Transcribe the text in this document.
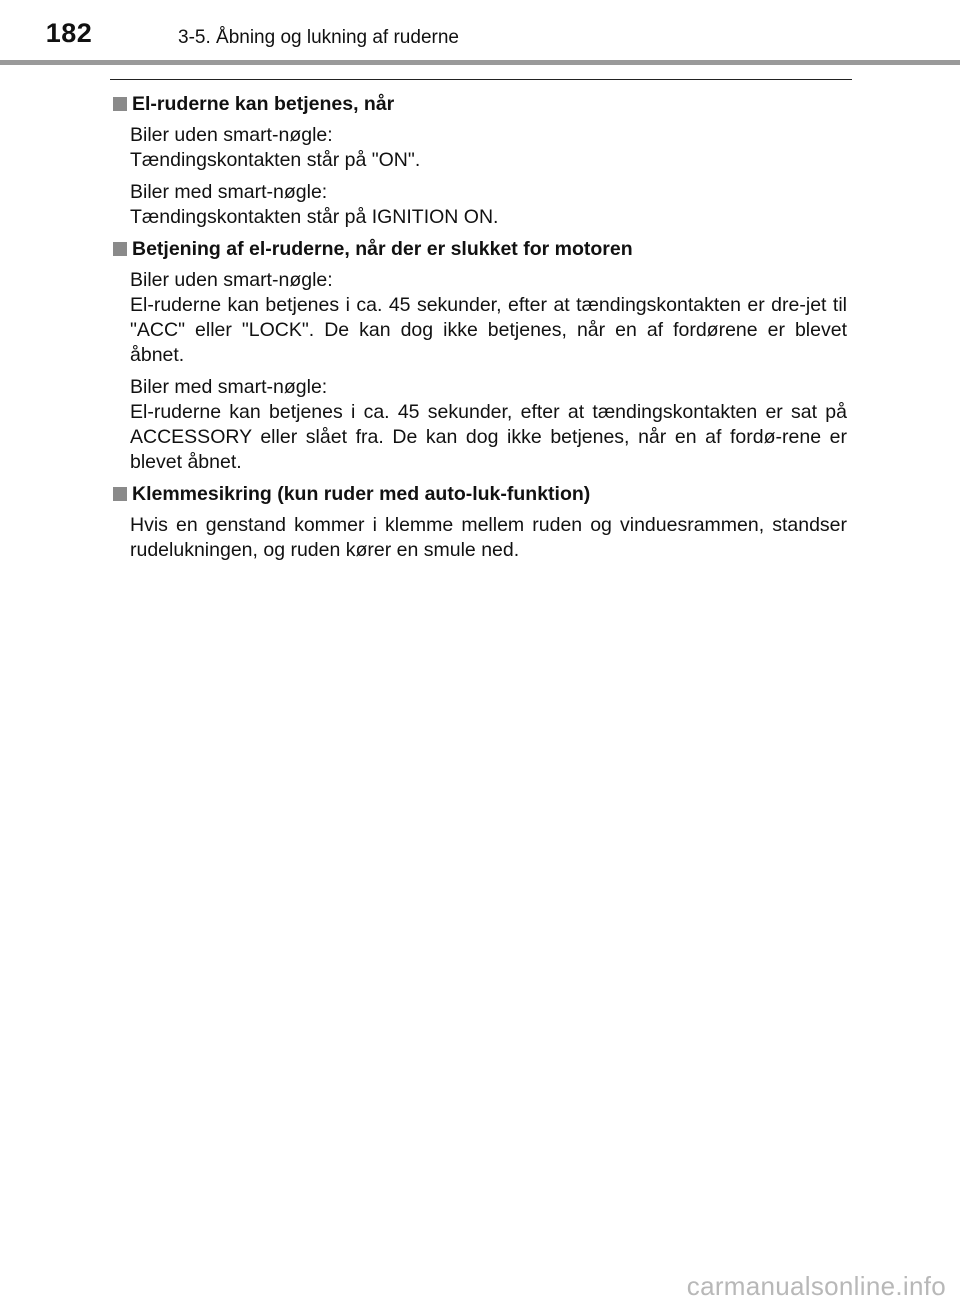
182	3-5. Åbning og lukning af ruderne
El-ruderne kan betjenes, når

Biler uden smart-nøgle:
Tændingskontakten står på "ON".

Biler med smart-nøgle:
Tændingskontakten står på IGNITION ON.

Betjening af el-ruderne, når der er slukket for motoren

Biler uden smart-nøgle:
El-ruderne kan betjenes i ca. 45 sekunder, efter at tændingskontakten er dre-jet til "ACC" eller "LOCK". De kan dog ikke betjenes, når en af fordørene er blevet åbnet.

Biler med smart-nøgle:
El-ruderne kan betjenes i ca. 45 sekunder, efter at tændingskontakten er sat på ACCESSORY eller slået fra. De kan dog ikke betjenes, når en af fordø-rene er blevet åbnet.

Klemmesikring (kun ruder med auto-luk-funktion)

Hvis en genstand kommer i klemme mellem ruden og vinduesrammen, standser rudelukningen, og ruden kører en smule ned.

carmanualsonline.info
